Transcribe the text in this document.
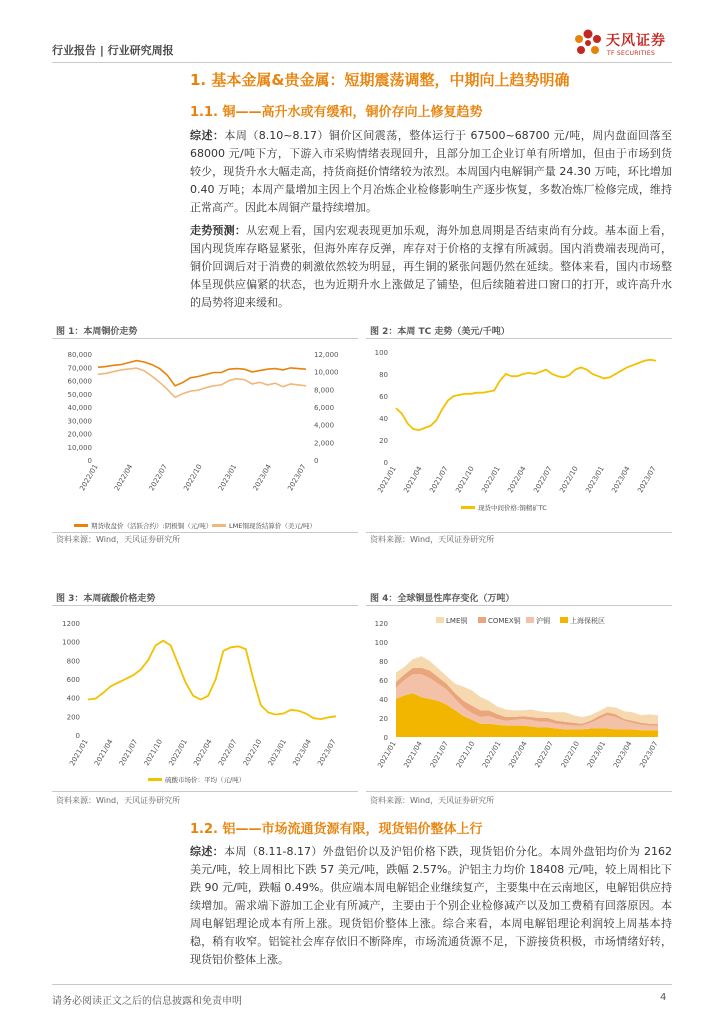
行业报告 | 行业研究周报
天风证券
TF SECURITIES
1. 基本金属&贵金属：短期震荡调整，中期向上趋势明确
1.1. 铜——高升水或有缓和，铜价存向上修复趋势
综述：本周（8.10~8.17）铜价区间震荡，整体运行于 67500~68700 元/吨，周内盘面回落至 68000 元/吨下方，下游入市采购情绪表现回升，且部分加工企业订单有所增加，但由于市场到货较少，现货升水大幅走高，持货商挺价情绪较为浓烈。本周国内电解铜产量 24.30 万吨，环比增加 0.40 万吨；本周产量增加主因上个月冶炼企业检修影响生产逐步恢复，多数冶炼厂检修完成，维持正常高产。因此本周铜产量持续增加。
走势预测：从宏观上看，国内宏观表现更加乐观，海外加息周期是否结束尚有分歧。基本面上看，国内现货库存略显紧张，但海外库存反弹，库存对于价格的支撑有所减弱。国内消费端表现尚可，铜价回调后对于消费的刺激依然较为明显，再生铜的紧张问题仍然在延续。整体来看，国内市场整体呈现供应偏紧的状态，也为近期升水上涨做足了铺垫，但后续随着进口窗口的打开，或许高升水的局势将迎来缓和。
图 1：本周铜价走势
0
10,000
20,000
30,000
40,000
50,000
60,000
70,000
80,000
0
2,000
4,000
6,000
8,000
10,000
12,000
2022/01 2022/04 2022/07 2022/10 2023/01 2023/04 2023/07
期货收盘价（活跃合约）:阴极铜（元/吨）	LME铜现货结算价（美元/吨）
资料来源：Wind，天风证券研究所
图 2：本周 TC 走势（美元/千吨）
0
20
40
60
80
100
2021/01 2021/04 2021/07 2021/10 2022/01 2022/04 2022/07 2022/10 2023/01 2023/04 2023/07
现货中间价格:铜精矿TC
资料来源：Wind，天风证券研究所
图 3：本周硫酸价格走势
0
200
400
600
800
1000
1200
2021/01 2021/04 2021/07 2021/10 2022/01 2022/04 2022/07 2022/10 2023/01 2023/04 2023/07
硫酸市场价：平均（元/吨）
资料来源：Wind，天风证券研究所
图 4：全球铜显性库存变化（万吨）
0
20
40
60
80
100
120
2021/01 2021/04 2021/07 2021/10 2022/01 2022/04 2022/07 2022/10 2023/01 2023/04 2023/07
LME铜	COMEX铜 沪铜	上海保税区
资料来源：Wind，天风证券研究所
1.2. 铝——市场流通货源有限，现货铝价整体上行
综述：本周（8.11-8.17）外盘铝价以及沪铝价格下跌，现货铝价分化。本周外盘铝均价为 2162 美元/吨，较上周相比下跌 57 美元/吨，跌幅 2.57%。沪铝主力均价 18408 元/吨，较上周相比下跌 90 元/吨，跌幅 0.49%。供应端本周电解铝企业继续复产，主要集中在云南地区，电解铝供应持续增加。需求端下游加工企业有所减产，主要由于个别企业检修减产以及加工费稍有回落原因。本周电解铝理论成本有所上涨。现货铝价整体上涨。综合来看，本周电解铝理论利润较上周基本持稳，稍有收窄。铝锭社会库存依旧不断降库，市场流通货源不足，下游接货积极，市场情绪好转，现货铝价整体上涨。
请务必阅读正文之后的信息披露和免责申明	4
